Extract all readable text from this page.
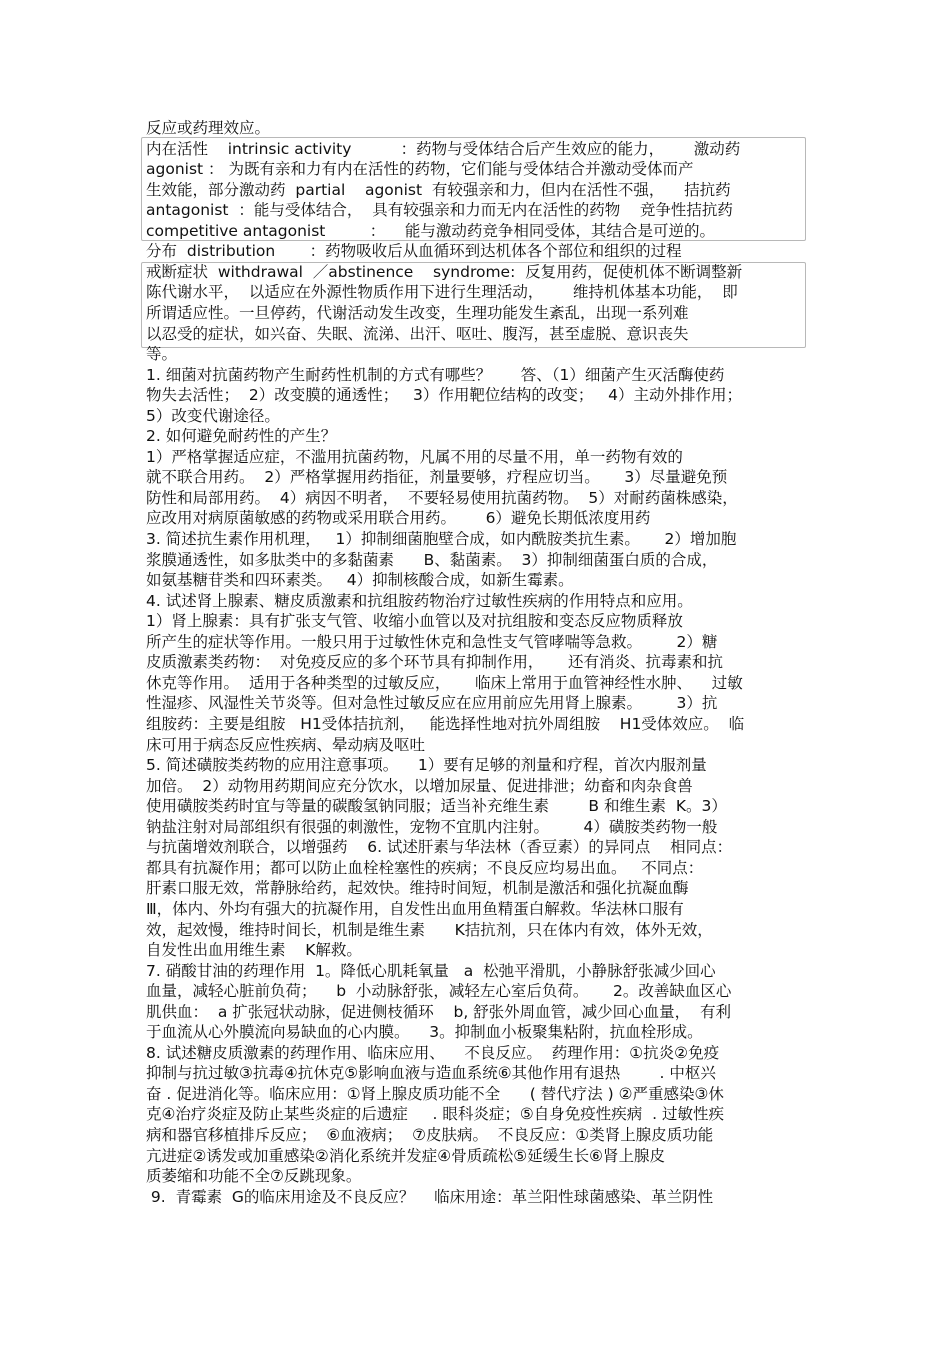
反应或药理效应。
内在活性    intrinsic activity          ：药物与受体结合后产生效应的能力，      激动药
agonist ： 为既有亲和力有内在活性的药物，它们能与受体结合并激动受体而产
生效能，部分激动药  partial    agonist  有较强亲和力，但内在活性不强，    拮抗药
antagonist  ：能与受体结合，  具有较强亲和力而无内在活性的药物    竞争性拮抗药
competitive antagonist         ：    能与激动药竞争相同受体，其结合是可逆的。
分布  distribution       ：药物吸收后从血循环到达机体各个部位和组织的过程
戒断症状  withdrawal  ／abstinence    syndrome:  反复用药，促使机体不断调整新
陈代谢水平，  以适应在外源性物质作用下进行生理活动，      维持机体基本功能，  即
所谓适应性。一旦停药，代谢活动发生改变，生理功能发生紊乱，出现一系列难
以忍受的症状，如兴奋、失眠、流涕、出汗、呕吐、腹泻，甚至虚脱、意识丧失
等。
1. 细菌对抗菌药物产生耐药性机制的方式有哪些？      答、（1）细菌产生灭活酶使药
物失去活性；  2）改变膜的通透性；   3）作用靶位结构的改变；   4）主动外排作用；
5）改变代谢途径。
2. 如何避免耐药性的产生？
1）严格掌握适应症，不滥用抗菌药物，凡属不用的尽量不用，单一药物有效的
就不联合用药。  2）严格掌握用药指征，剂量要够，疗程应切当。     3）尽量避免预
防性和局部用药。  4）病因不明者，  不要轻易使用抗菌药物。  5）对耐药菌株感染，
应改用对病原菌敏感的药物或采用联合用药。      6）避免长期低浓度用药
3. 简述抗生素作用机理，   1）抑制细菌胞壁合成，如内酰胺类抗生素。     2）增加胞
浆膜通透性，如多肽类中的多黏菌素      B、黏菌素。  3）抑制细菌蛋白质的合成，
如氨基糖苷类和四环素类。   4）抑制核酸合成，如新生霉素。
4. 试述肾上腺素、糖皮质激素和抗组胺药物治疗过敏性疾病的作用特点和应用。
1）肾上腺素：具有扩张支气管、收缩小血管以及对抗组胺和变态反应物质释放
所产生的症状等作用。一般只用于过敏性休克和急性支气管哮喘等急救。       2）糖
皮质激素类药物：  对免疫反应的多个环节具有抑制作用，     还有消炎、抗毒素和抗
休克等作用。  适用于各种类型的过敏反应，     临床上常用于血管神经性水肿、    过敏
性湿疹、风湿性关节炎等。但对急性过敏反应在应用前应先用肾上腺素。       3）抗
组胺药：主要是组胺   H1受体拮抗剂，   能选择性地对抗外周组胺    H1受体效应。  临
床可用于病态反应性疾病、晕动病及呕吐
5. 简述磺胺类药物的应用注意事项。    1）要有足够的剂量和疗程，首次内服剂量
加倍。  2）动物用药期间应充分饮水，以增加尿量、促进排泄；幼畜和肉杂食兽
使用磺胺类药时宜与等量的碳酸氢钠同服；适当补充维生素        B 和维生素  K。3）
钠盐注射对局部组织有很强的刺激性，宠物不宜肌内注射。       4）磺胺类药物一般
与抗菌增效剂联合，以增强药    6. 试述肝素与华法林（香豆素）的异同点    相同点：
都具有抗凝作用；都可以防止血栓栓塞性的疾病；不良反应均易出血。   不同点：
肝素口服无效，常静脉给药，起效快。维持时间短，机制是激活和强化抗凝血酶
Ⅲ，体内、外均有强大的抗凝作用，自发性出血用鱼精蛋白解救。华法林口服有
效，起效慢，维持时间长，机制是维生素      K拮抗剂，只在体内有效，体外无效，
自发性出血用维生素    K解救。
7. 硝酸甘油的药理作用  1。降低心肌耗氧量   a  松弛平滑肌，小静脉舒张减少回心
血量，减轻心脏前负荷；    b  小动脉舒张，减轻左心室后负荷。     2。改善缺血区心
肌供血：  a 扩张冠状动脉，促进侧枝循环    b, 舒张外周血管，减少回心血量，  有利
于血流从心外膜流向易缺血的心内膜。    3。抑制血小板聚集粘附，抗血栓形成。
8. 试述糖皮质激素的药理作用、临床应用、    不良反应。  药理作用：①抗炎②免疫
抑制与抗过敏③抗毒④抗休克⑤影响血液与造血系统⑥其他作用有退热        . 中枢兴
奋 . 促进消化等。临床应用：①肾上腺皮质功能不全      ( 替代疗法 ) ②严重感染③休
克④治疗炎症及防止某些炎症的后遗症     . 眼科炎症；⑤自身免疫性疾病  . 过敏性疾
病和器官移植排斥反应；  ⑥血液病；  ⑦皮肤病。  不良反应：①类肾上腺皮质功能
亢进症②诱发或加重感染②消化系统并发症④骨质疏松⑤延缓生长⑥肾上腺皮
质萎缩和功能不全⑦反跳现象。
9.  青霉素  G的临床用途及不良反应？    临床用途：革兰阳性球菌感染、革兰阴性
